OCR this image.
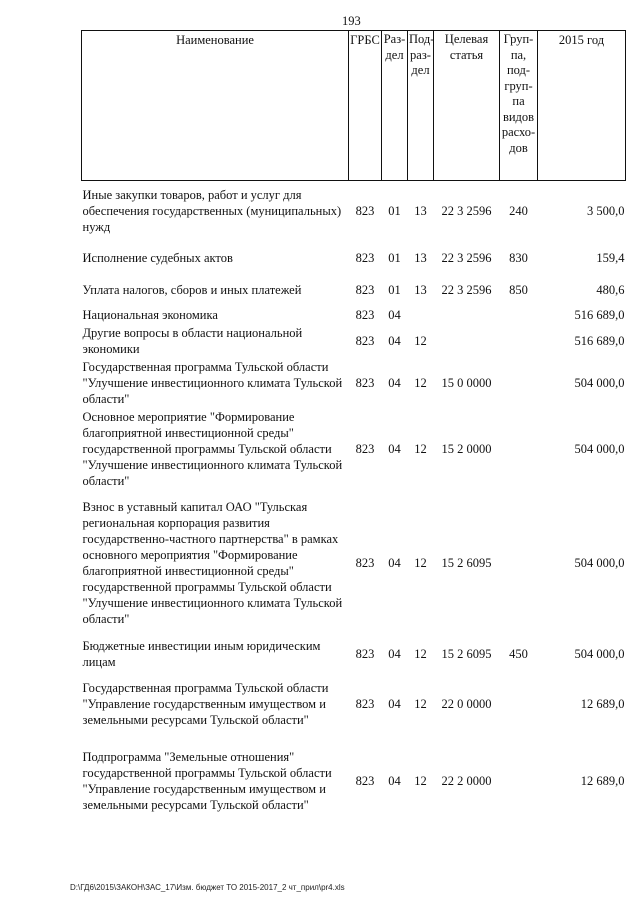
193
Наименование	ГРБС	Раз-дел	Под-раз-дел	Целевая статья	Груп-па, под-груп-па видов расхо-дов	2015 год
Иные закупки товаров, работ и услуг для обеспечения государственных (муниципальных) нужд	823	01	13	22 3 2596	240	3 500,0
Исполнение судебных актов	823	01	13	22 3 2596	830	159,4
Уплата налогов, сборов и иных платежей	823	01	13	22 3 2596	850	480,6
Национальная экономика	823	04				516 689,0
Другие вопросы в области национальной экономики	823	04	12			516 689,0
Государственная программа Тульской области "Улучшение инвестиционного климата Тульской области"	823	04	12	15 0 0000		504 000,0
Основное мероприятие "Формирование благоприятной инвестиционной среды" государственной программы Тульской области "Улучшение инвестиционного климата Тульской области"	823	04	12	15 2 0000		504 000,0
Взнос в уставный капитал ОАО "Тульская региональная корпорация развития государственно-частного партнерства" в рамках основного мероприятия "Формирование благоприятной инвестиционной среды" государственной программы Тульской области "Улучшение инвестиционного климата Тульской области"	823	04	12	15 2 6095		504 000,0
Бюджетные инвестиции иным юридическим лицам	823	04	12	15 2 6095	450	504 000,0
Государственная программа Тульской области "Управление государственным имуществом и земельными ресурсами Тульской области"	823	04	12	22 0 0000		12 689,0
Подпрограмма "Земельные отношения" государственной программы Тульской области "Управление государственным имуществом и земельными ресурсами Тульской области"	823	04	12	22 2 0000		12 689,0
D:\ГД6\2015\ЗАКОН\ЗАС_17\Изм. бюджет ТО 2015-2017_2 чт_прил\pr4.xls
